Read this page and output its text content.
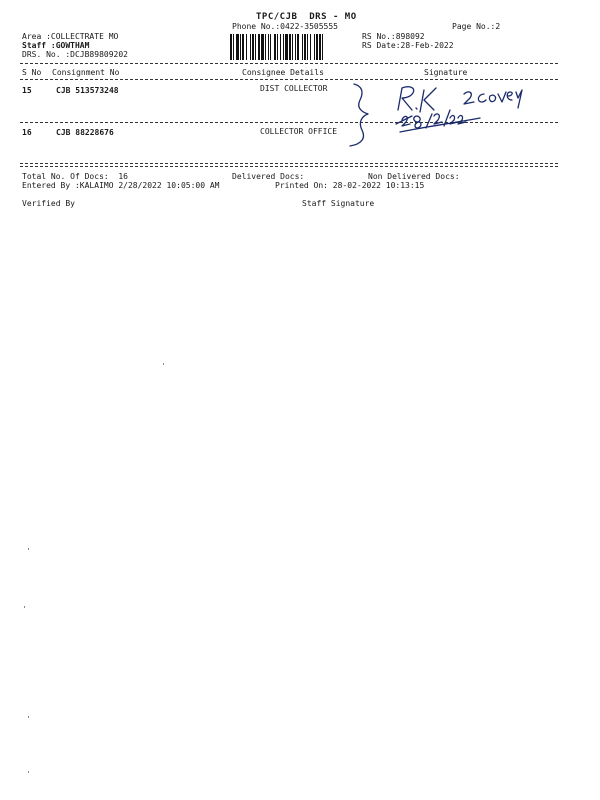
TPC/CJB  DRS - MO
Phone No.:0422-3505555	Page No.:2
Area :COLLECTRATE MO
Staff :GOWTHAM
DRS. No. :DCJB89809202
RS No.:898092
RS Date:28-Feb-2022
S No Consignment No	Consignee Details	Signature
15	CJB 513573248	DIST COLLECTOR
16	CJB 88228676	COLLECTOR OFFICE
Total No. Of Docs:  16	Delivered Docs:	Non Delivered Docs:
Entered By :KALAIMO 2/28/2022 10:05:00 AM	Printed On: 28-02-2022 10:13:15
Verified By	Staff Signature
